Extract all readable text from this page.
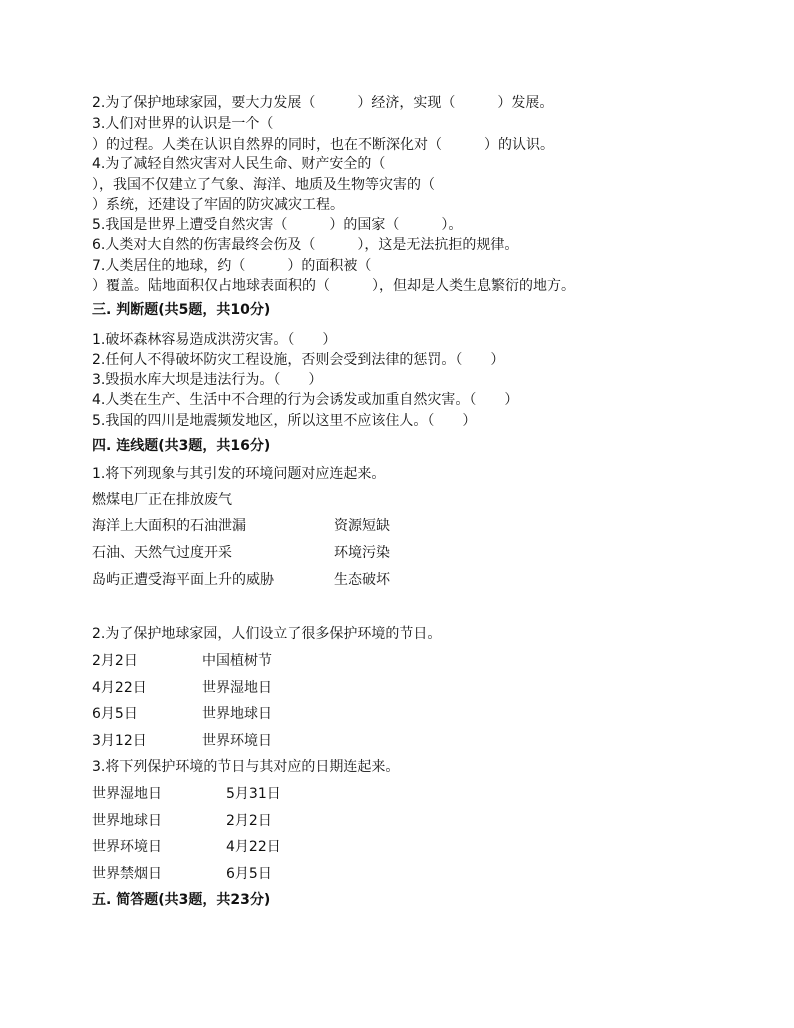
2.为了保护地球家园，要大力发展（　　　）经济，实现（　　　）发展。
3.人们对世界的认识是一个（
）的过程。人类在认识自然界的同时，也在不断深化对（　　　）的认识。
4.为了减轻自然灾害对人民生命、财产安全的（
），我国不仅建立了气象、海洋、地质及生物等灾害的（
）系统，还建设了牢固的防灾减灾工程。
5.我国是世界上遭受自然灾害（　　　）的国家（　　　）。
6.人类对大自然的伤害最终会伤及（　　　），这是无法抗拒的规律。
7.人类居住的地球，约（　　　）的面积被（
）覆盖。陆地面积仅占地球表面积的（　　　），但却是人类生息繁衍的地方。
三. 判断题(共5题，共10分)
1.破坏森林容易造成洪涝灾害。（　　）
2.任何人不得破坏防灾工程设施，否则会受到法律的惩罚。（　　）
3.毁损水库大坝是违法行为。（　　）
4.人类在生产、生活中不合理的行为会诱发或加重自然灾害。（　　）
5.我国的四川是地震频发地区，所以这里不应该住人。（　　）
四. 连线题(共3题，共16分)
1.将下列现象与其引发的环境问题对应连起来。
燃煤电厂正在排放废气
海洋上大面积的石油泄漏	资源短缺
石油、天然气过度开采	环境污染
岛屿正遭受海平面上升的威胁	生态破坏
2.为了保护地球家园，人们设立了很多保护环境的节日。
2月2日	中国植树节
4月22日	世界湿地日
6月5日	世界地球日
3月12日	世界环境日
3.将下列保护环境的节日与其对应的日期连起来。
世界湿地日	5月31日
世界地球日	2月2日
世界环境日	4月22日
世界禁烟日	6月5日
五. 简答题(共3题，共23分)
